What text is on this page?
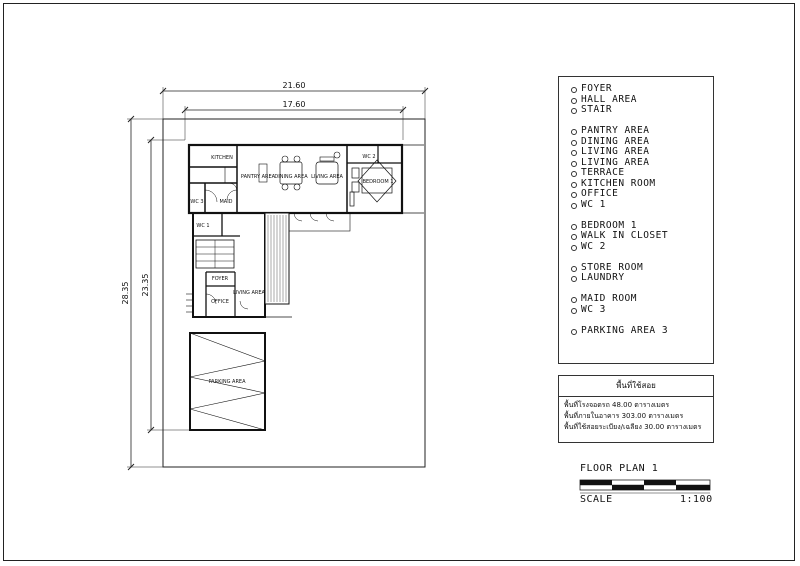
21.60
17.60
28.35 23.35
KITCHEN
PANTRY AREA DINING AREA LIVING AREA
WC 2
BEDROOM 1
WC 3	MAID
WC 1
FOYER
OFFICE
LIVING AREA
PARKING AREA
FOYER
HALL AREA
STAIR
PANTRY AREA
DINING AREA
LIVING AREA
LIVING AREA
TERRACE
KITCHEN ROOM
OFFICE
WC 1
BEDROOM 1
WALK IN CLOSET
WC 2
STORE ROOM
LAUNDRY
MAID ROOM
WC 3
PARKING AREA 3
พื้นที่ใช้สอย
พื้นที่โรงจอดรถ 48.00 ตารางเมตร
พื้นที่ภายในอาคาร 303.00 ตารางเมตร
พื้นที่ใช้สอยระเบียง/เฉลียง 30.00 ตารางเมตร
FLOOR PLAN 1
SCALE	1:100
